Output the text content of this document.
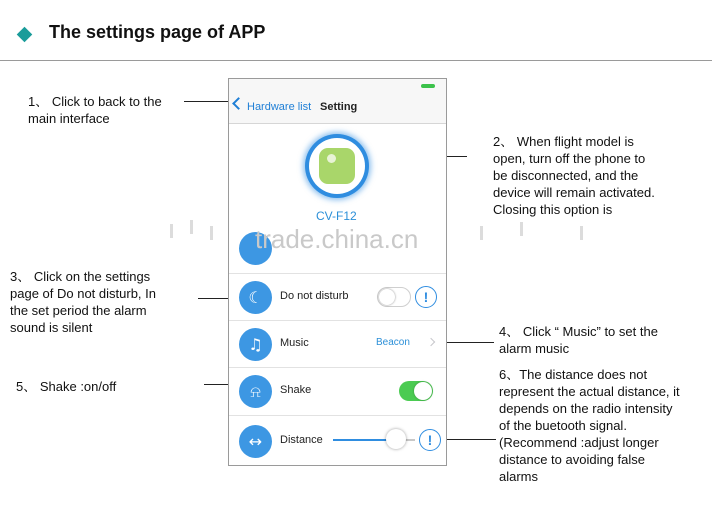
The settings page of APP
1、 Click to back to the
main interface
2、 When flight model is
open, turn off the phone to
be disconnected, and the
device will remain activated.
Closing this option is
3、 Click on the settings
page of Do not disturb, In
the set period the alarm
sound is silent	4、 Click “ Music” to set the
alarm music
5、 Shake :on/off
6、The distance does not
represent the actual distance, it
depends on the radio intensity
of the buetooth signal.
(Recommend :adjust longer
distance to avoiding false
alarms
Hardware list Setting
CV-F12
☾	Do not disturb	!
♫	Music	Beacon
⍾	Shake
↔	Distance	!
trade.china.cn
